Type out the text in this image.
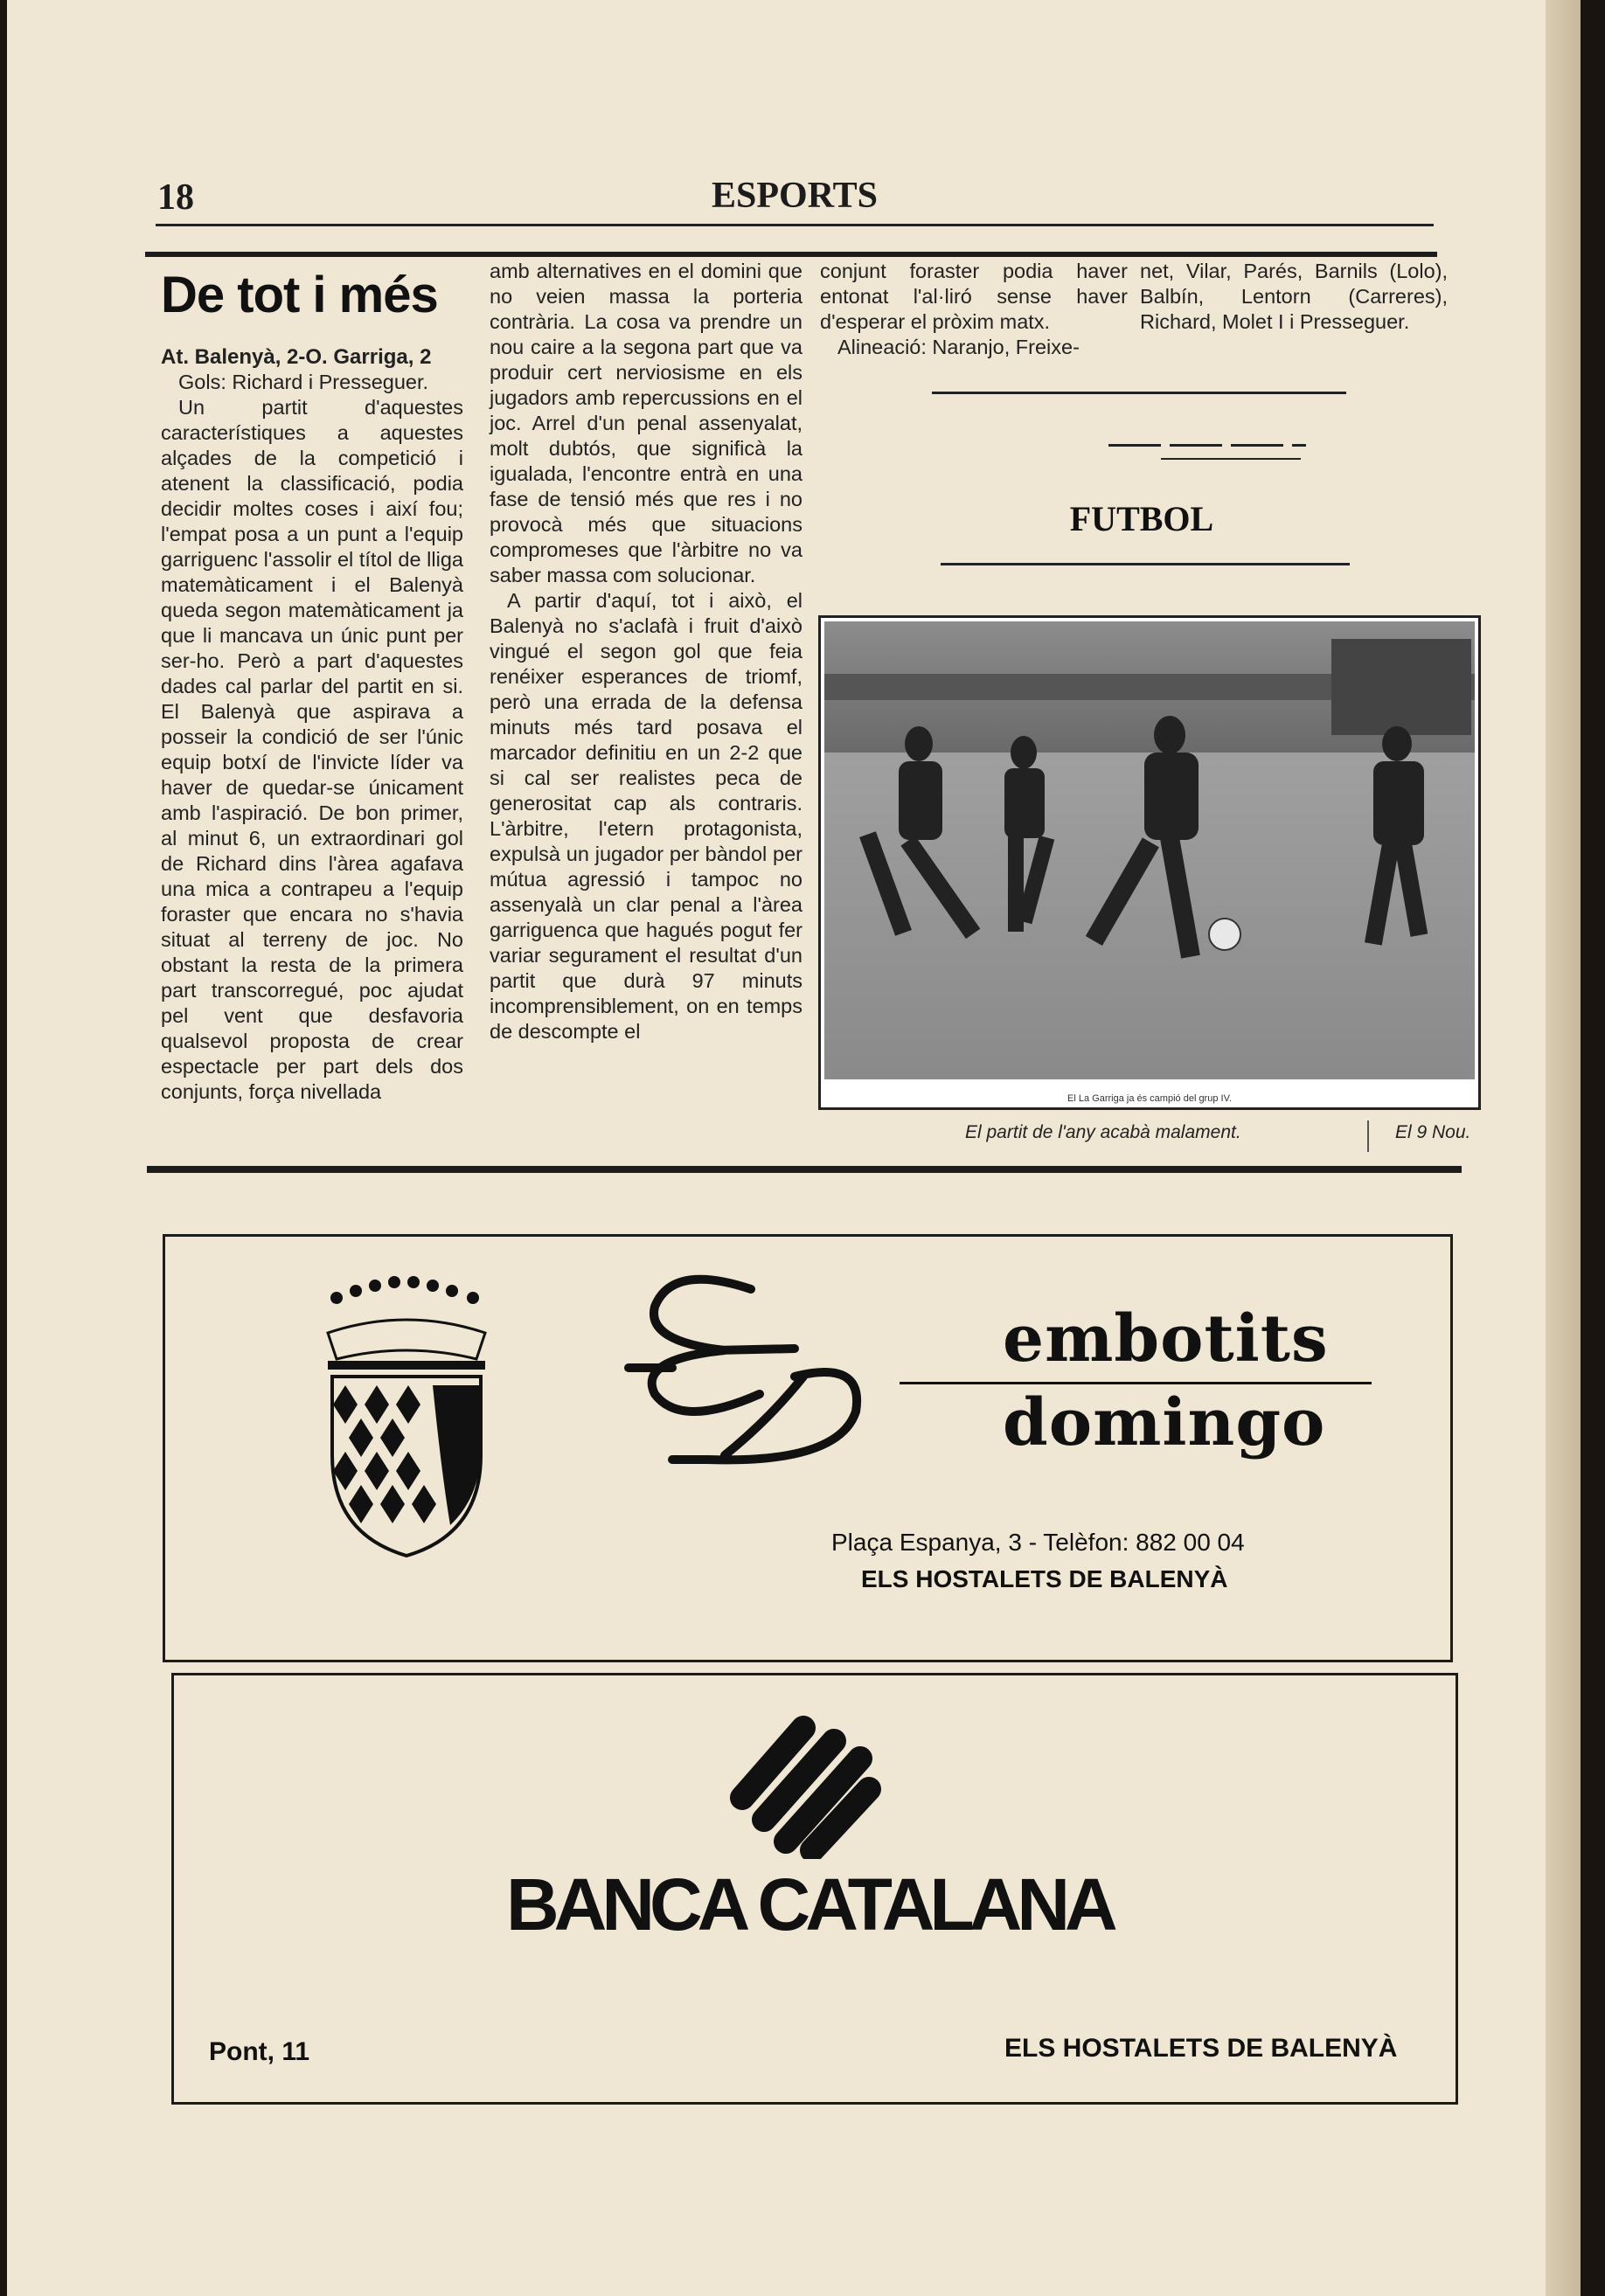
18	ESPORTS
De tot i més
At. Balenyà, 2-O. Garriga, 2

Gols: Richard i Presseguer.

Un partit d'aquestes característiques a aquestes alçades de la competició i atenent la classificació, podia decidir moltes coses i així fou; l'empat posa a un punt a l'equip garriguenc l'assolir el títol de lliga matemàticament i el Balenyà queda segon matemàticament ja que li mancava un únic punt per ser-ho. Però a part d'aquestes dades cal parlar del partit en si. El Balenyà que aspirava a posseir la condició de ser l'únic equip botxí de l'invicte líder va haver de quedar-se únicament amb l'aspiració. De bon primer, al minut 6, un extraordinari gol de Richard dins l'àrea agafava una mica a contrapeu a l'equip foraster que encara no s'havia situat al terreny de joc. No obstant la resta de la primera part transcorregué, poc ajudat pel vent que desfavoria qualsevol proposta de crear espectacle per part dels dos conjunts, força nivellada

amb alternatives en el domini que no veien massa la porteria contrària. La cosa va prendre un nou caire a la segona part que va produir cert nerviosisme en els jugadors amb repercussions en el joc. Arrel d'un penal assenyalat, molt dubtós, que significà la igualada, l'encontre entrà en una fase de tensió més que res i no provocà més que situacions compromeses que l'àrbitre no va saber massa com solucionar.

A partir d'aquí, tot i això, el Balenyà no s'aclafà i fruit d'això vingué el segon gol que feia renéixer esperances de triomf, però una errada de la defensa minuts més tard posava el marcador definitiu en un 2-2 que si cal ser realistes peca de generositat cap als contraris. L'àrbitre, l'etern protagonista, expulsà un jugador per bàndol per mútua agressió i tampoc no assenyalà un clar penal a l'àrea garriguenca que hagués pogut fer variar segurament el resultat d'un partit que durà 97 minuts incomprensiblement, on en temps de descompte el

conjunt foraster podia haver entonat l'al·liró sense haver d'esperar el pròxim matx.

Alineació: Naranjo, Freixe-

net, Vilar, Parés, Barnils (Lolo), Balbín, Lentorn (Carreres), Richard, Molet I i Presseguer.

FUTBOL
El La Garriga ja és campió del grup IV.
El partit de l'any acabà malament.	El 9 Nou.
embotits
domingo
Plaça Espanya, 3 - Telèfon: 882 00 04
ELS HOSTALETS DE BALENYÀ
BANCA CATALANA
Pont, 11	ELS HOSTALETS DE BALENYÀ
